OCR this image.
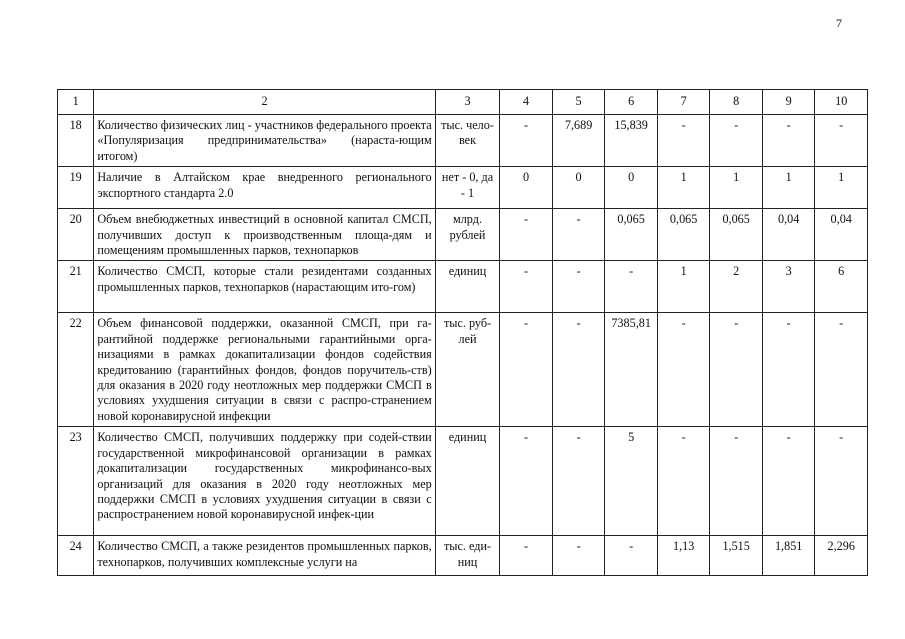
7
1	2	3	4	5	6	7	8	9	10
18	Количество физических лиц - участников федерального проекта «Популяризация предпринимательства» (нараста-ющим итогом)	тыс. чело-век	-	7,689	15,839	-	-	-	-
19	Наличие в Алтайском крае внедренного регионального экспортного стандарта 2.0	нет - 0, да - 1	0	0	0	1	1	1	1
20	Объем внебюджетных инвестиций в основной капитал СМСП, получивших доступ к производственным площа-дям и помещениям промышленных парков, технопарков	млрд. рублей	-	-	0,065	0,065	0,065	0,04	0,04
21	Количество СМСП, которые стали резидентами созданных промышленных парков, технопарков (нарастающим ито-гом)	единиц	-	-	-	1	2	3	6
22	Объем финансовой поддержки, оказанной СМСП, при га-рантийной поддержке региональными гарантийными орга-низациями в рамках докапитализации фондов содействия кредитованию (гарантийных фондов, фондов поручитель-ств) для оказания в 2020 году неотложных мер поддержки СМСП в условиях ухудшения ситуации в связи с распро-странением новой коронавирусной инфекции	тыс. руб-лей	-	-	7385,81	-	-	-	-
23	Количество СМСП, получивших поддержку при содей-ствии государственной микрофинансовой организации в рамках докапитализации государственных микрофинансо-вых организаций для оказания в 2020 году неотложных мер поддержки СМСП в условиях ухудшения ситуации в связи с распространением новой коронавирусной инфек-ции	единиц	-	-	5	-	-	-	-
24	Количество СМСП, а также резидентов промышленных парков, технопарков, получивших комплексные услуги на	тыс. еди-ниц	-	-	-	1,13	1,515	1,851	2,296
